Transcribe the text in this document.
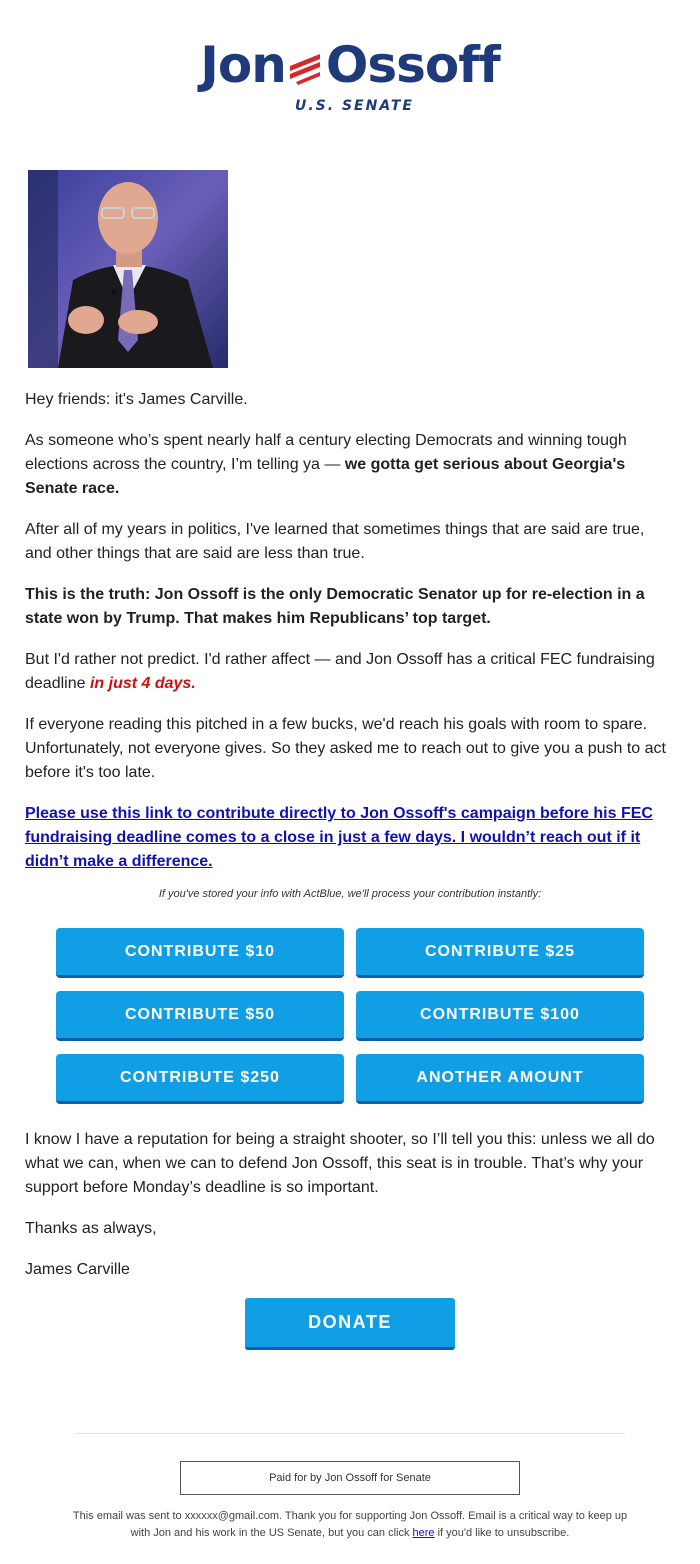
Jon Ossoff
U.S. SENATE

Hey friends: it's James Carville.

As someone who’s spent nearly half a century electing Democrats and winning tough elections across the country, I’m telling ya — we gotta get serious about Georgia's Senate race.

After all of my years in politics, I've learned that sometimes things that are said are true, and other things that are said are less than true.

This is the truth: Jon Ossoff is the only Democratic Senator up for re-election in a state won by Trump. That makes him Republicans’ top target.

But I'd rather not predict. I'd rather affect — and Jon Ossoff has a critical FEC fundraising deadline in just 4 days.

If everyone reading this pitched in a few bucks, we'd reach his goals with room to spare. Unfortunately, not everyone gives. So they asked me to reach out to give you a push to act before it's too late.

Please use this link to contribute directly to Jon Ossoff's campaign before his FEC fundraising deadline comes to a close in just a few days. I wouldn’t reach out if it didn’t make a difference.

If you've stored your info with ActBlue, we'll process your contribution instantly:
CONTRIBUTE $10	CONTRIBUTE $25
CONTRIBUTE $50	CONTRIBUTE $100
CONTRIBUTE $250	ANOTHER AMOUNT

I know I have a reputation for being a straight shooter, so I’ll tell you this: unless we all do what we can, when we can to defend Jon Ossoff, this seat is in trouble. That’s why your support before Monday’s deadline is so important.

Thanks as always,

James Carville

DONATE
Paid for by Jon Ossoff for Senate
This email was sent to xxxxxx@gmail.com. Thank you for supporting Jon Ossoff. Email is a critical way to keep up with Jon and his work in the US Senate, but you can click here if you'd like to unsubscribe.
